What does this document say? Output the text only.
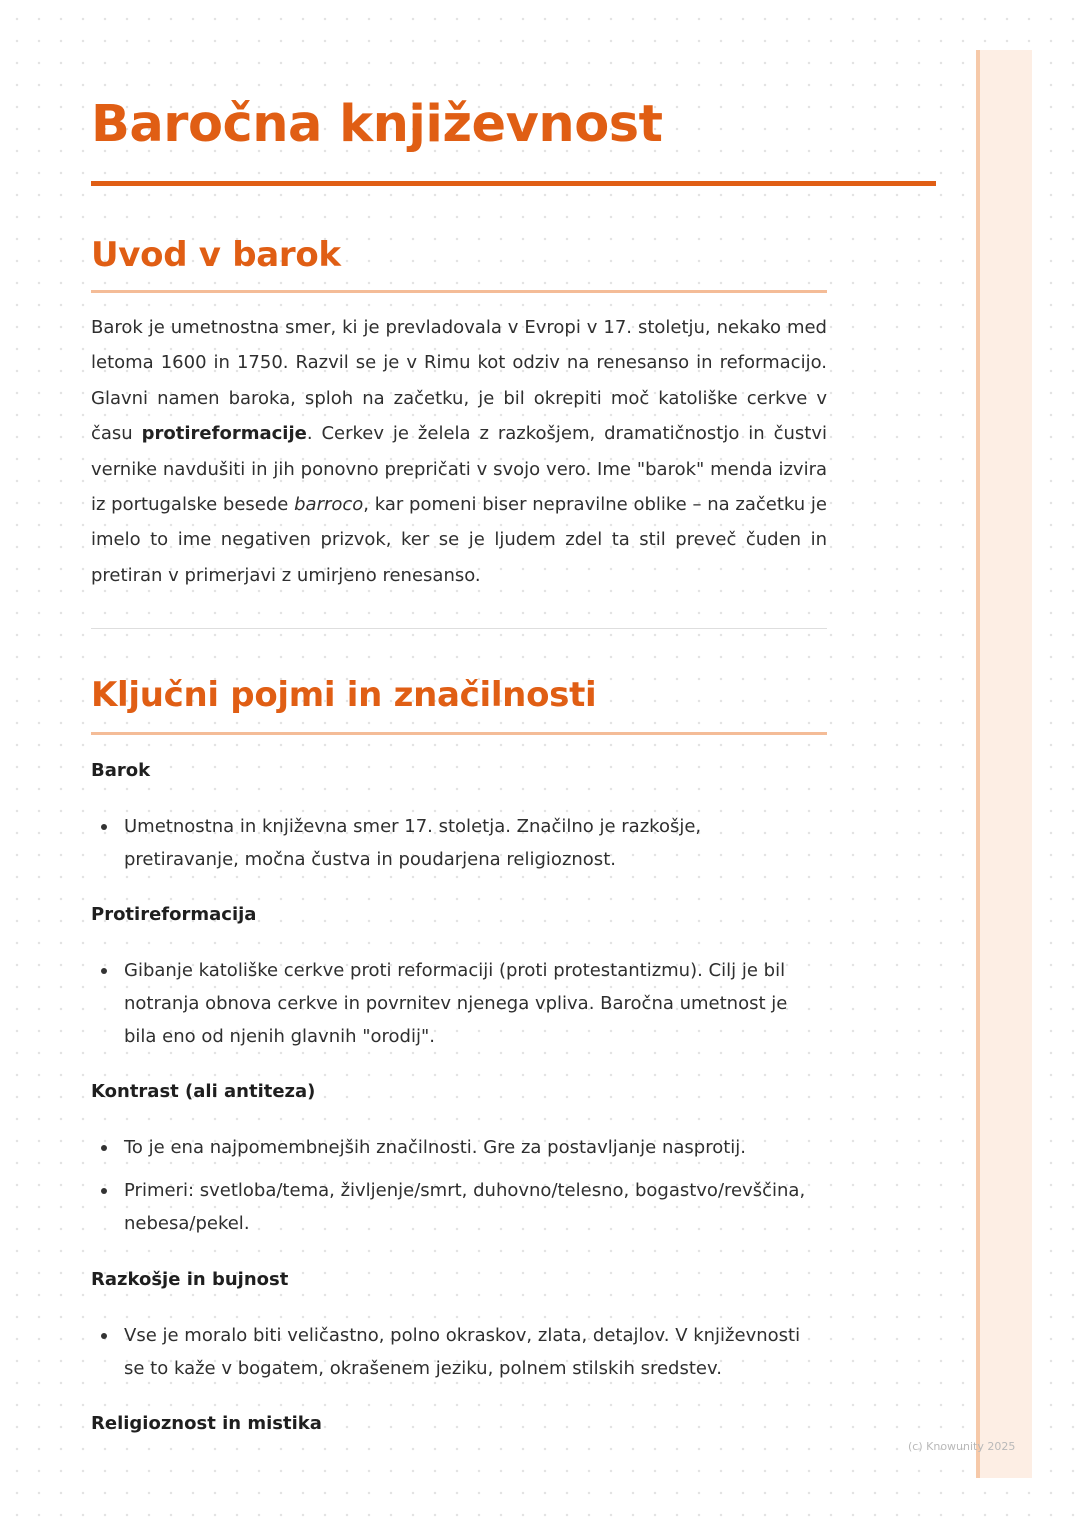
Baročna književnost
Uvod v barok

Barok je umetnostna smer, ki je prevladovala v Evropi v 17. stoletju, nekako med letoma 1600 in 1750. Razvil se je v Rimu kot odziv na renesanso in reformacijo. Glavni namen baroka, sploh na začetku, je bil okrepiti moč katoliške cerkve v času protireformacije. Cerkev je želela z razkošjem, dramatičnostjo in čustvi vernike navdušiti in jih ponovno prepričati v svojo vero. Ime "barok" menda izvira iz portugalske besede barroco, kar pomeni biser nepravilne oblike – na začetku je imelo to ime negativen prizvok, ker se je ljudem zdel ta stil preveč čuden in pretiran v primerjavi z umirjeno renesanso.

Ključni pojmi in značilnosti
Barok
Umetnostna in književna smer 17. stoletja. Značilno je razkošje, pretiravanje, močna čustva in poudarjena religioznost.
Protireformacija
Gibanje katoliške cerkve proti reformaciji (proti protestantizmu). Cilj je bil notranja obnova cerkve in povrnitev njenega vpliva. Baročna umetnost je bila eno od njenih glavnih "orodij".
Kontrast (ali antiteza)
To je ena najpomembnejših značilnosti. Gre za postavljanje nasprotij.
Primeri: svetloba/tema, življenje/smrt, duhovno/telesno, bogastvo/revščina, nebesa/pekel.
Razkošje in bujnost
Vse je moralo biti veličastno, polno okraskov, zlata, detajlov. V književnosti se to kaže v bogatem, okrašenem jeziku, polnem stilskih sredstev.
Religioznost in mistika
(c) Knowunity 2025
